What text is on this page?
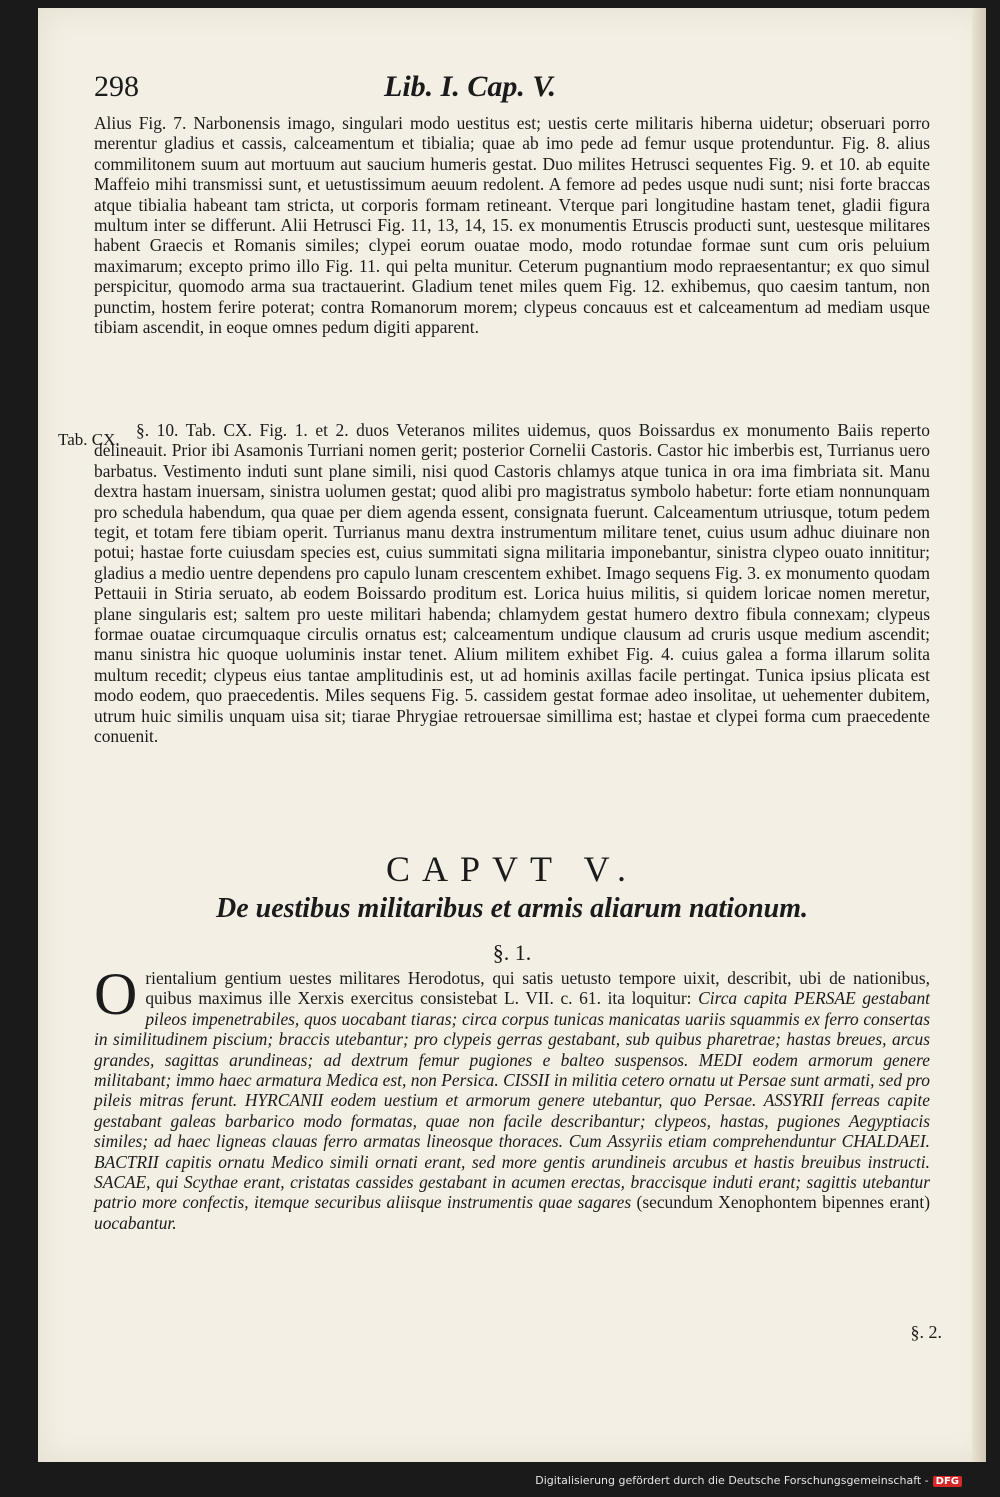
298	Lib. I. Cap. V.

Alius Fig. 7. Narbonensis imago, singulari modo uestitus est; uestis certe militaris hiberna uidetur; obseruari porro merentur gladius et cassis, calceamentum et tibialia; quae ab imo pede ad femur usque protenduntur. Fig. 8. alius commilitonem suum aut mortuum aut saucium humeris gestat. Duo milites Hetrusci sequentes Fig. 9. et 10. ab equite Maffeio mihi transmissi sunt, et uetustissimum aeuum redolent. A femore ad pedes usque nudi sunt; nisi forte braccas atque tibialia habeant tam stricta, ut corporis formam retineant. Vterque pari longitudine hastam tenet, gladii figura multum inter se differunt. Alii Hetrusci Fig. 11, 13, 14, 15. ex monumentis Etruscis producti sunt, uestesque militares habent Graecis et Romanis similes; clypei eorum ouatae modo, modo rotundae formae sunt cum oris peluium maximarum; excepto primo illo Fig. 11. qui pelta munitur. Ceterum pugnantium modo repraesentantur; ex quo simul perspicitur, quomodo arma sua tractauerint. Gladium tenet miles quem Fig. 12. exhibemus, quo caesim tantum, non punctim, hostem ferire poterat; contra Romanorum morem; clypeus concauus est et calceamentum ad mediam usque tibiam ascendit, in eoque omnes pedum digiti apparent.

Tab. CX. §. 10. Tab. CX. Fig. 1. et 2. duos Veteranos milites uidemus, quos Boissardus ex monumento Baiis reperto delineauit. Prior ibi Asamonis Turriani nomen gerit; posterior Cornelii Castoris. Castor hic imberbis est, Turrianus uero barbatus. Vestimento induti sunt plane simili, nisi quod Castoris chlamys atque tunica in ora ima fimbriata sit. Manu dextra hastam inuersam, sinistra uolumen gestat; quod alibi pro magistratus symbolo habetur: forte etiam nonnunquam pro schedula habendum, qua quae per diem agenda essent, consignata fuerunt. Calceamentum utriusque, totum pedem tegit, et totam fere tibiam operit. Turrianus manu dextra instrumentum militare tenet, cuius usum adhuc diuinare non potui; hastae forte cuiusdam species est, cuius summitati signa militaria imponebantur, sinistra clypeo ouato innititur; gladius a medio uentre dependens pro capulo lunam crescentem exhibet. Imago sequens Fig. 3. ex monumento quodam Pettauii in Stiria seruato, ab eodem Boissardo proditum est. Lorica huius militis, si quidem loricae nomen meretur, plane singularis est; saltem pro ueste militari habenda; chlamydem gestat humero dextro fibula connexam; clypeus formae ouatae circumquaque circulis ornatus est; calceamentum undique clausum ad cruris usque medium ascendit; manu sinistra hic quoque uoluminis instar tenet. Alium militem exhibet Fig. 4. cuius galea a forma illarum solita multum recedit; clypeus eius tantae amplitudinis est, ut ad hominis axillas facile pertingat. Tunica ipsius plicata est modo eodem, quo praecedentis. Miles sequens Fig. 5. cassidem gestat formae adeo insolitae, ut uehementer dubitem, utrum huic similis unquam uisa sit; tiarae Phrygiae retrouersae simillima est; hastae et clypei forma cum praecedente conuenit.

CAPVT V.
De uestibus militaribus et armis aliarum nationum.
§. 1.

Orientalium gentium uestes militares Herodotus, qui satis uetusto tempore uixit, describit, ubi de nationibus, quibus maximus ille Xerxis exercitus consistebat L. VII. c. 61. ita loquitur: Circa capita PERSAE gestabant pileos impenetrabiles, quos uocabant tiaras; circa corpus tunicas manicatas uariis squammis ex ferro consertas in similitudinem piscium; braccis utebantur; pro clypeis gerras gestabant, sub quibus pharetrae; hastas breues, arcus grandes, sagittas arundineas; ad dextrum femur pugiones e balteo suspensos. MEDI eodem armorum genere militabant; immo haec armatura Medica est, non Persica. CISSII in militia cetero ornatu ut Persae sunt armati, sed pro pileis mitras ferunt. HYRCANII eodem uestium et armorum genere utebantur, quo Persae. ASSYRII ferreas capite gestabant galeas barbarico modo formatas, quae non facile describantur; clypeos, hastas, pugiones Aegyptiacis similes; ad haec ligneas clauas ferro armatas lineosque thoraces. Cum Assyriis etiam comprehenduntur CHALDAEI. BACTRII capitis ornatu Medico simili ornati erant, sed more gentis arundineis arcubus et hastis breuibus instructi. SACAE, qui Scythae erant, cristatas cassides gestabant in acumen erectas, braccisque induti erant; sagittis utebantur patrio more confectis, itemque securibus aliisque instrumentis quae sagares (secundum Xenophontem bipennes erant) uocabantur.

§. 2.
Digitalisierung gefördert durch die Deutsche Forschungsgemeinschaft - DFG
